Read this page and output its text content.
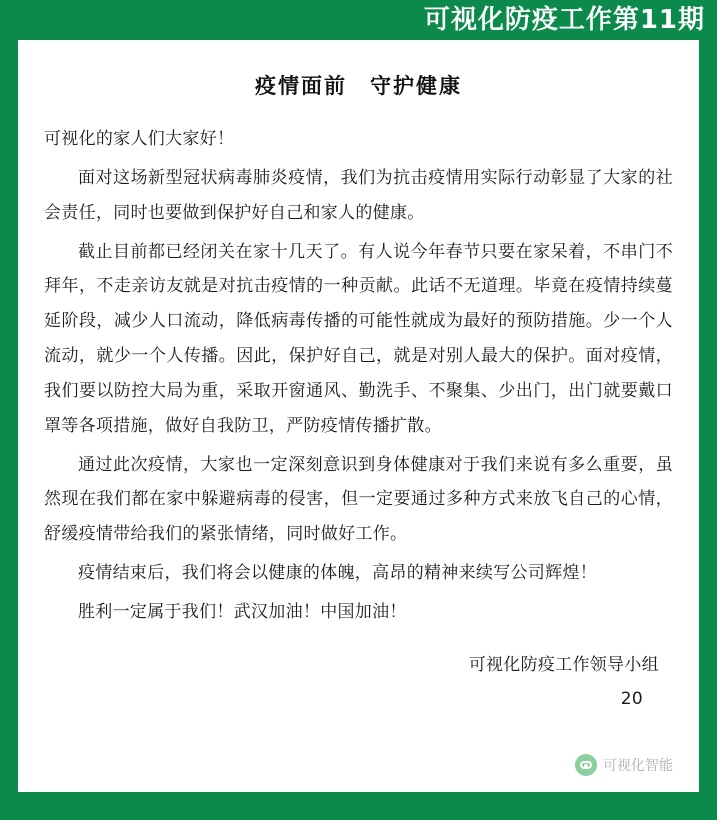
可视化防疫工作第11期
疫情面前　守护健康

可视化的家人们大家好！

面对这场新型冠状病毒肺炎疫情，我们为抗击疫情用实际行动彰显了大家的社会责任，同时也要做到保护好自己和家人的健康。

截止目前都已经闭关在家十几天了。有人说今年春节只要在家呆着，不串门不拜年，不走亲访友就是对抗击疫情的一种贡献。此话不无道理。毕竟在疫情持续蔓延阶段，减少人口流动，降低病毒传播的可能性就成为最好的预防措施。少一个人流动，就少一个人传播。因此，保护好自己，就是对别人最大的保护。面对疫情，我们要以防控大局为重，采取开窗通风、勤洗手、不聚集、少出门，出门就要戴口罩等各项措施，做好自我防卫，严防疫情传播扩散。

通过此次疫情，大家也一定深刻意识到身体健康对于我们来说有多么重要，虽然现在我们都在家中躲避病毒的侵害，但一定要通过多种方式来放飞自己的心情，舒缓疫情带给我们的紧张情绪，同时做好工作。

疫情结束后，我们将会以健康的体魄，高昂的精神来续写公司辉煌！

胜利一定属于我们！武汉加油！中国加油！

可视化防疫工作领导小组

20

可视化智能
